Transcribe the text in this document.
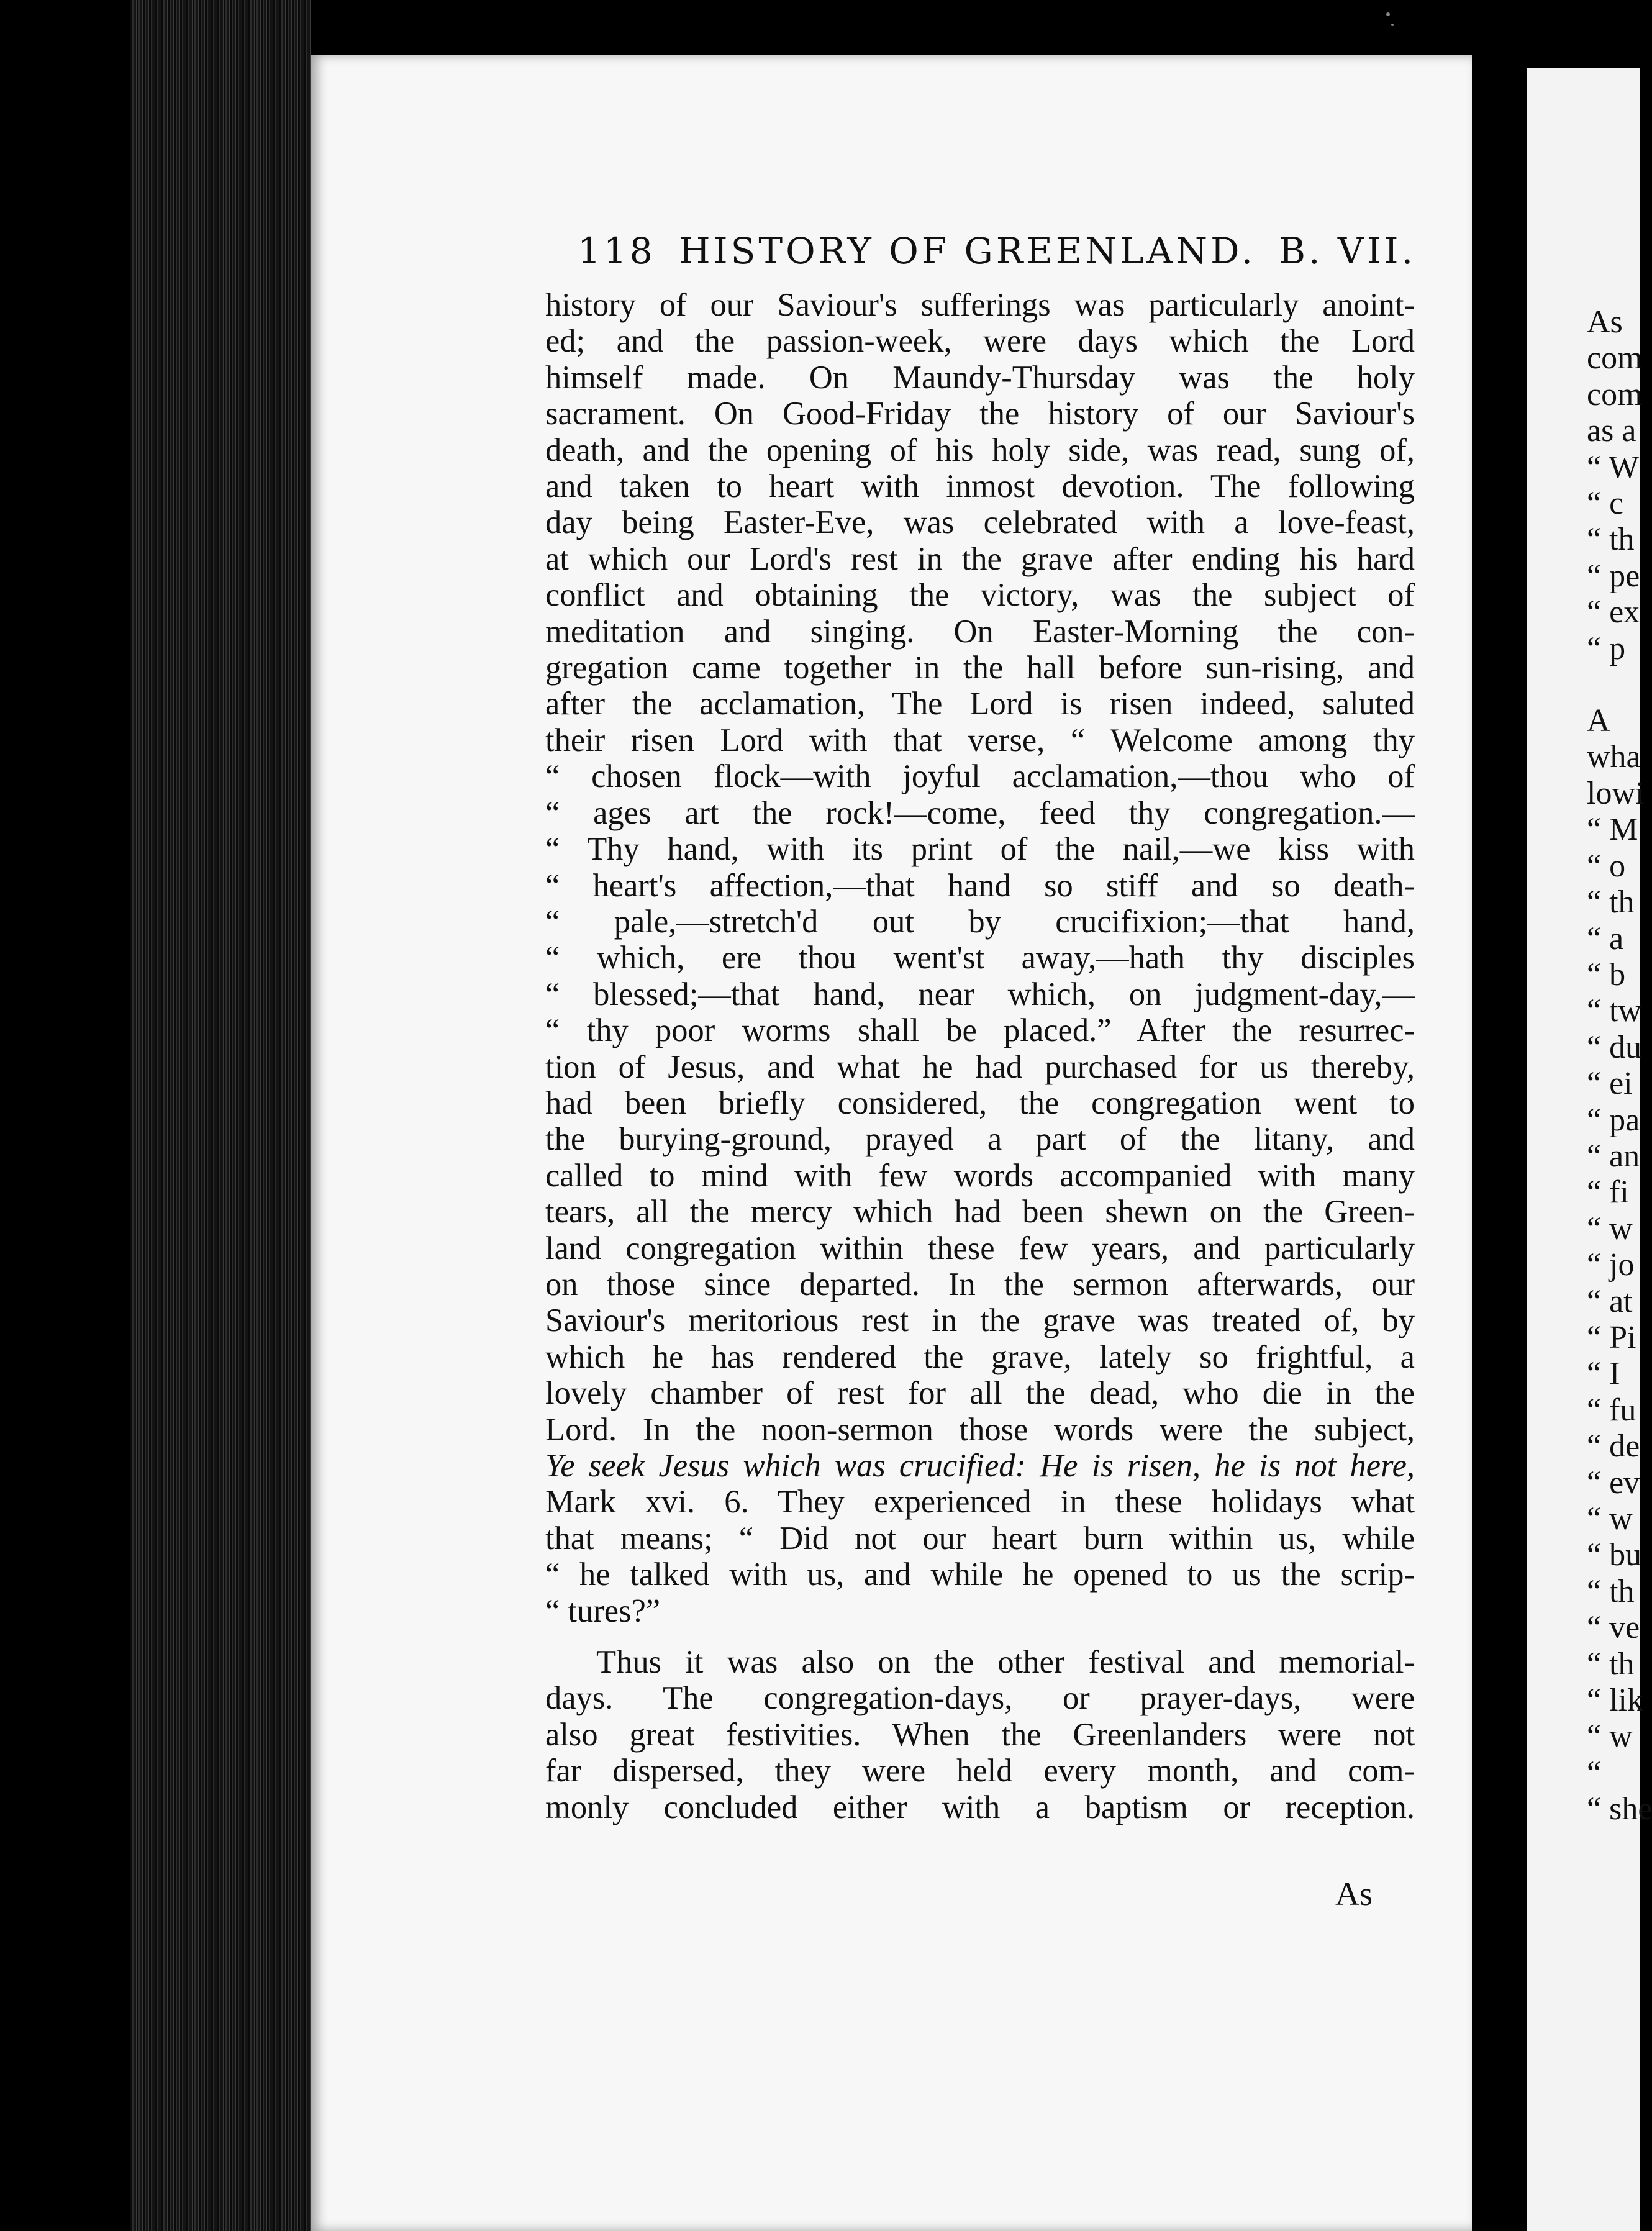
118 HISTORY OF GREENLAND. B. VII.
history of our Saviour's sufferings was particularly anoint-
ed; and the passion-week, were days which the Lord
himself made. On Maundy-Thursday was the holy
sacrament. On Good-Friday the history of our Saviour's
death, and the opening of his holy side, was read, sung of,
and taken to heart with inmost devotion. The following
day being Easter-Eve, was celebrated with a love-feast,
at which our Lord's rest in the grave after ending his hard
conflict and obtaining the victory, was the subject of
meditation and singing. On Easter-Morning the con-
gregation came together in the hall before sun-rising, and
after the acclamation, The Lord is risen indeed, saluted
their risen Lord with that verse, “ Welcome among thy
“ chosen flock—with joyful acclamation,—thou who of
“ ages art the rock!—come, feed thy congregation.—
“ Thy hand, with its print of the nail,—we kiss with
“ heart's affection,—that hand so stiff and so death-
“ pale,—stretch'd out by crucifixion;—that hand,
“ which, ere thou went'st away,—hath thy disciples
“ blessed;—that hand, near which, on judgment-day,—
“ thy poor worms shall be placed.” After the resurrec-
tion of Jesus, and what he had purchased for us thereby,
had been briefly considered, the congregation went to
the burying-ground, prayed a part of the litany, and
called to mind with few words accompanied with many
tears, all the mercy which had been shewn on the Green-
land congregation within these few years, and particularly
on those since departed. In the sermon afterwards, our
Saviour's meritorious rest in the grave was treated of, by
which he has rendered the grave, lately so frightful, a
lovely chamber of rest for all the dead, who die in the
Lord. In the noon-sermon those words were the subject,
Ye seek Jesus which was crucified: He is risen, he is not here,
Mark xvi. 6. They experienced in these holidays what
that means; “ Did not our heart burn within us, while
“ he talked with us, and while he opened to us the scrip-
“ tures?”
Thus it was also on the other festival and memorial-
days. The congregation-days, or prayer-days, were
also great festivities. When the Greenlanders were not
far dispersed, they were held every month, and com-
monly concluded either with a baptism or reception.
As
As
com
com
as a
“ W
“ c
“ th
“ pe
“ ex
“ p
A
wha
lowi
“ M
“ o
“ th
“ a
“ b
“ tw
“ du
“ ei
“ pa
“ an
“ fi
“ w
“ jo
“ at
“ Pi
“ I
“ fu
“ de
“ ev
“ w
“ bu
“ th
“ ve
“ th
“ lik
“ w
“
“ she
